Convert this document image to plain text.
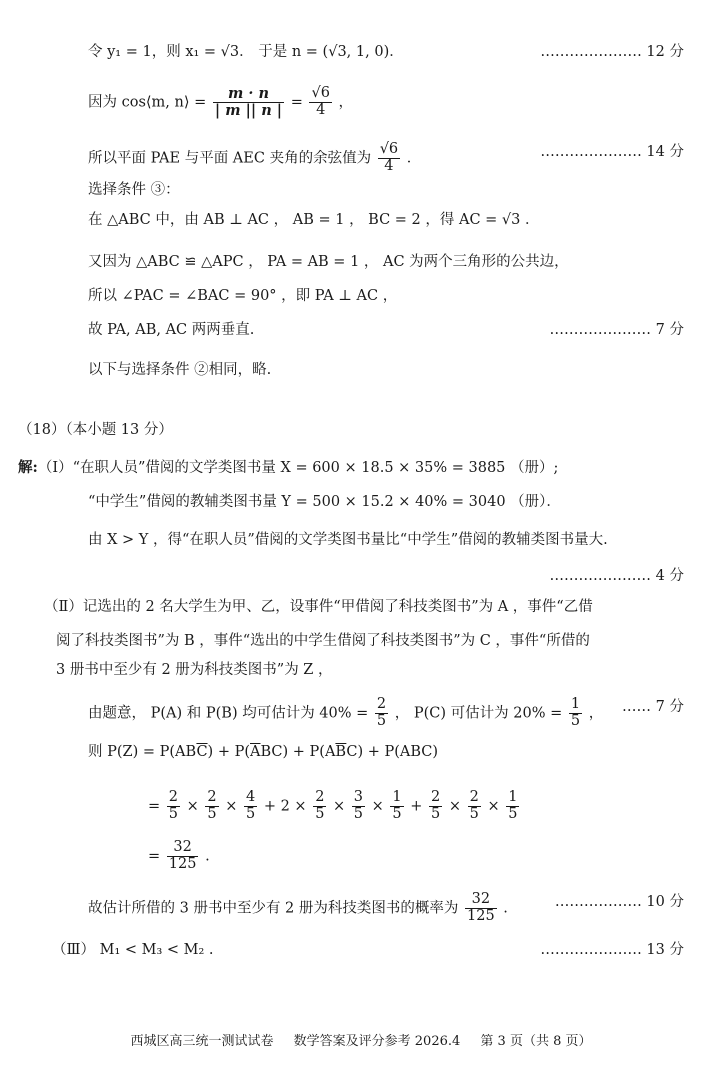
令 y₁ = 1，则 x₁ = √3． 于是 n = (√3, 1, 0)．	………………… 12 分
因为 cos⟨m, n⟩ = $\frac{m \cdot n}{| m || n |} = \frac{√6}{4}$ ，
所以平面 PAE 与平面 AEC 夹角的余弦值为 $\frac{√6}{4}$ ．	………………… 14 分
选择条件 ③：
在 △ABC 中，由 AB ⊥ AC ， AB = 1 ， BC = 2 ，得 AC = √3 ．
又因为 △ABC ≌ △APC ， PA = AB = 1 ， AC 为两个三角形的公共边，
所以 ∠PAC = ∠BAC = 90° ，即 PA ⊥ AC ，
故 PA, AB, AC 两两垂直.	………………… 7 分
以下与选择条件 ②相同，略.
（18）（本小题 13 分）
解:（Ⅰ）“在职人员”借阅的文学类图书量 X = 600 × 18.5 × 35% = 3885 （册）;
“中学生”借阅的教辅类图书量 Y = 500 × 15.2 × 40% = 3040 （册）．
由 X > Y ，得“在职人员”借阅的文学类图书量比“中学生”借阅的教辅类图书量大.
………………… 4 分
（Ⅱ）记选出的 2 名大学生为甲、乙，设事件“甲借阅了科技类图书”为 A ，事件“乙借
阅了科技类图书”为 B ，事件“选出的中学生借阅了科技类图书”为 C ，事件“所借的
3 册书中至少有 2 册为科技类图书”为 Z ，
由题意， P(A) 和 P(B) 均可估计为 $40\% = \frac{2}{5}$ ， P(C) 可估计为 $20\% = \frac{1}{5}$ ， …… 7 分
则 $P(Z) = P(AB\overline{C}) + P(\overline{A}BC) + P(A\overline{B}C) + P(ABC)$
= $\frac{2}{5} \times \frac{2}{5} \times \frac{4}{5} + 2 \times \frac{2}{5} \times \frac{3}{5} \times \frac{1}{5} + \frac{2}{5} \times \frac{2}{5} \times \frac{1}{5}$
= $\frac{32}{125}$ .
故估计所借的 3 册书中至少有 2 册为科技类图书的概率为 $\frac{32}{125}$ .	……………… 10 分
（Ⅲ） M₁ < M₃ < M₂ .	………………… 13 分
西城区高三统一测试试卷 数学答案及评分参考 2026.4 第 3 页（共 8 页）
